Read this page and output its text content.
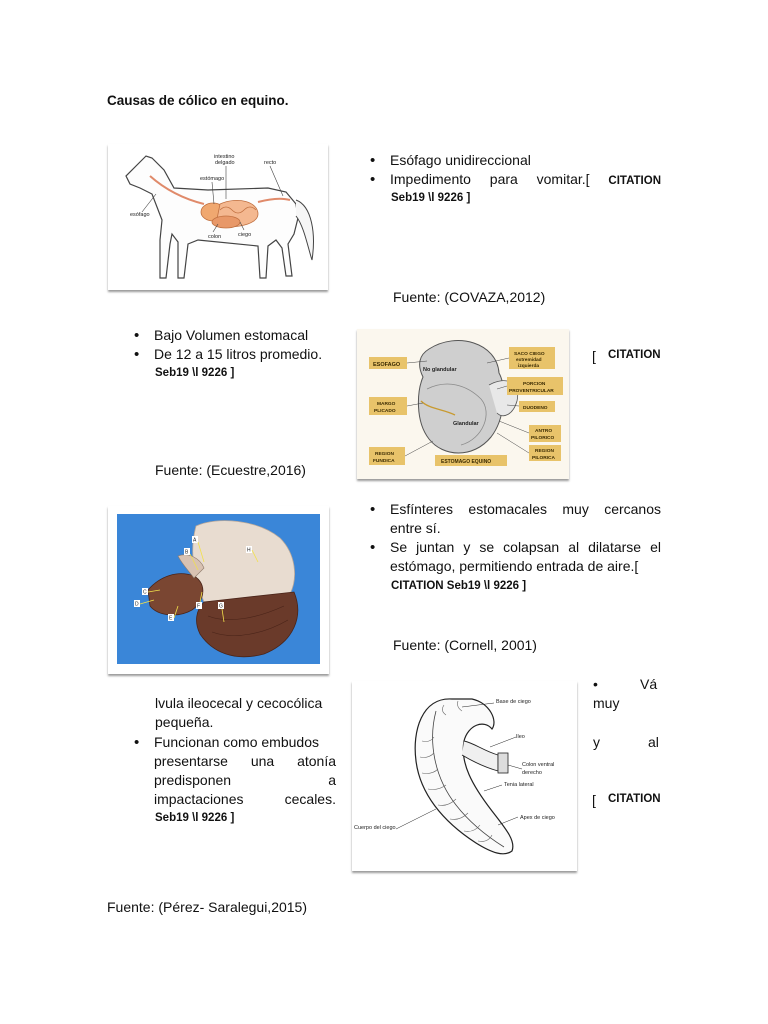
Causas de cólico en equino.
intestino
delgado	recto
estómago
esófago
colon	ciego
• Esófago unidireccional
• Impedimento para vomitar.[ CITATION
Seb19 \l 9226 ]
Fuente: (COVAZA,2012)
• Bajo Volumen estomacal
• De 12 a 15 litros promedio.
Seb19 \l 9226 ]
Fuente: (Ecuestre,2016)
ESOFAGO
No glandular
SACO CIEGO
extremidad
izquierda
PORCION
PROVENTRICULAR
DUODENO
MARGO
PLICADO
Glandular
ANTRO
PILORICO
REGION
PILORICA
REGION
FUNDICA	ESTOMAGO EQUINO
[ CITATION
A
B
C
D
E
F	G
H
• Esfínteres estomacales muy cercanos entre sí.
• Se juntan y se colapsan al dilatarse el estómago, permitiendo entrada de aire.[
CITATION Seb19 \l 9226 ]
Fuente: (Cornell, 2001)
lvula ileocecal y cecocólica
pequeña.
• Funcionan como embudos
presentarse una atonía
predisponen a
impactaciones cecales.
Seb19 \l 9226 ]
Base de ciego
Ileo
Colon ventral
derecho
Tenia lateral
Cuerpo del ciego
Apex de ciego
•	Vá
muy
y	al
[ CITATION
Fuente: (Pérez- Saralegui,2015)
